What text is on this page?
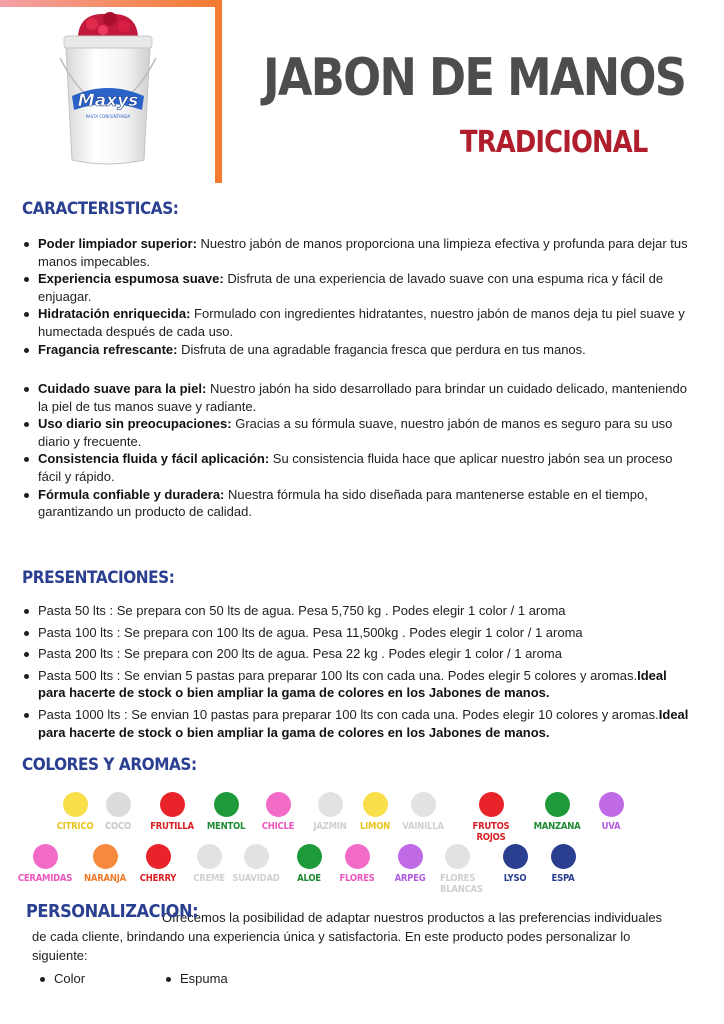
Maxys
PASTA CONCENTRADA
JABON DE MANOS
TRADICIONAL
CARACTERISTICAS:
Poder limpiador superior: Nuestro jabón de manos proporciona una limpieza efectiva y profunda para dejar tus manos impecables.
Experiencia espumosa suave: Disfruta de una experiencia de lavado suave con una espuma rica y fácil de enjuagar.
Hidratación enriquecida: Formulado con ingredientes hidratantes, nuestro jabón de manos deja tu piel suave y humectada después de cada uso.
Fragancia refrescante: Disfruta de una agradable fragancia fresca que perdura en tus manos.
Cuidado suave para la piel: Nuestro jabón ha sido desarrollado para brindar un cuidado delicado, manteniendo la piel de tus manos suave y radiante.
Uso diario sin preocupaciones: Gracias a su fórmula suave, nuestro jabón de manos es seguro para su uso diario y frecuente.
Consistencia fluida y fácil aplicación: Su consistencia fluida hace que aplicar nuestro jabón sea un proceso fácil y rápido.
Fórmula confiable y duradera: Nuestra fórmula ha sido diseñada para mantenerse estable en el tiempo, garantizando un producto de calidad.
PRESENTACIONES:
Pasta 50 lts : Se prepara con 50 lts de agua. Pesa 5,750 kg . Podes elegir 1 color / 1 aroma
Pasta 100 lts : Se prepara con 100 lts de agua. Pesa 11,500kg . Podes elegir 1 color / 1 aroma
Pasta 200 lts : Se prepara con 200 lts de agua. Pesa 22 kg . Podes elegir 1 color / 1 aroma
Pasta 500 lts : Se envian 5 pastas para preparar 100 lts con cada una. Podes elegir 5 colores y aromas.Ideal para hacerte de stock o bien ampliar la gama de colores en los Jabones de manos.
Pasta 1000 lts : Se envian 10 pastas para preparar 100 lts con cada una. Podes elegir 10 colores y aromas.Ideal para hacerte de stock o bien ampliar la gama de colores en los Jabones de manos.
COLORES Y AROMAS:
CITRICO	COCO	FRUTILLA	MENTOL	CHICLE	JAZMIN	LIMON	VAINILLA	FRUTOS ROJOS
MANZANA	UVA
CERAMIDAS	NARANJA	CHERRY	CREME SUAVIDAD	ALOE	FLORES	ARPEG	FLORES BLANCAS
LYSO	ESPA
Ofrecemos la posibilidad de adaptar nuestros productos a las preferencias individuales de cada cliente, brindando una experiencia única y satisfactoria. En este producto podes personalizar lo siguiente:
PERSONALIZACION:
Color	Espuma
